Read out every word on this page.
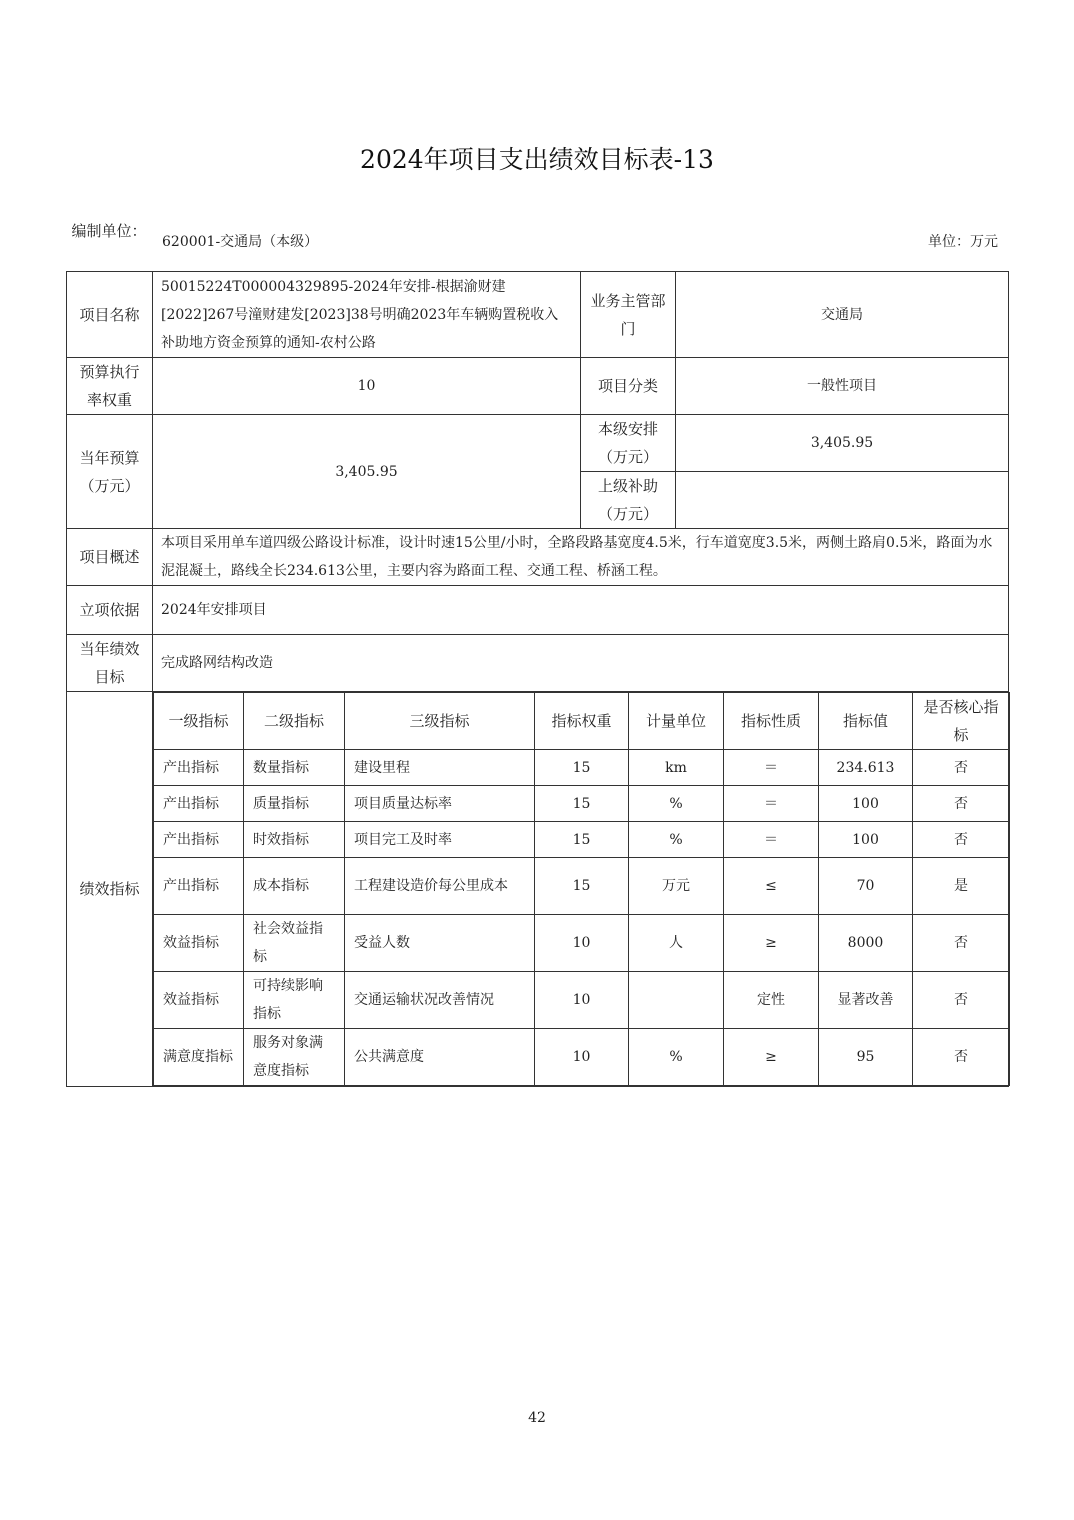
2024年项目支出绩效目标表-13
编制单位：
620001-交通局（本级）	单位：万元
项目名称	50015224T000004329895-2024年安排-根据渝财建[2022]267号潼财建发[2023]38号明确2023年车辆购置税收入补助地方资金预算的通知-农村公路	业务主管部门	交通局
预算执行率权重	10	项目分类	一般性项目
当年预算（万元）	3,405.95	本级安排（万元）	3,405.95
上级补助（万元）	
项目概述	本项目采用单车道四级公路设计标准，设计时速15公里/小时，全路段路基宽度4.5米，行车道宽度3.5米，两侧土路肩0.5米，路面为水泥混凝土，路线全长234.613公里，主要内容为路面工程、交通工程、桥涵工程。
立项依据	2024年安排项目
当年绩效目标	完成路网结构改造
绩效指标	
一级指标	二级指标	三级指标	指标权重	计量单位	指标性质	指标值	是否核心指标
产出指标	数量指标	建设里程	15	km	＝	234.613	否
产出指标	质量指标	项目质量达标率	15	%	＝	100	否
产出指标	时效指标	项目完工及时率	15	%	＝	100	否
产出指标	成本指标	工程建设造价每公里成本	15	万元	≤	70	是
效益指标	社会效益指标	受益人数	10	人	≥	8000	否
效益指标	可持续影响指标	交通运输状况改善情况	10		定性	显著改善	否
满意度指标	服务对象满意度指标	公共满意度	10	%	≥	95	否
42
